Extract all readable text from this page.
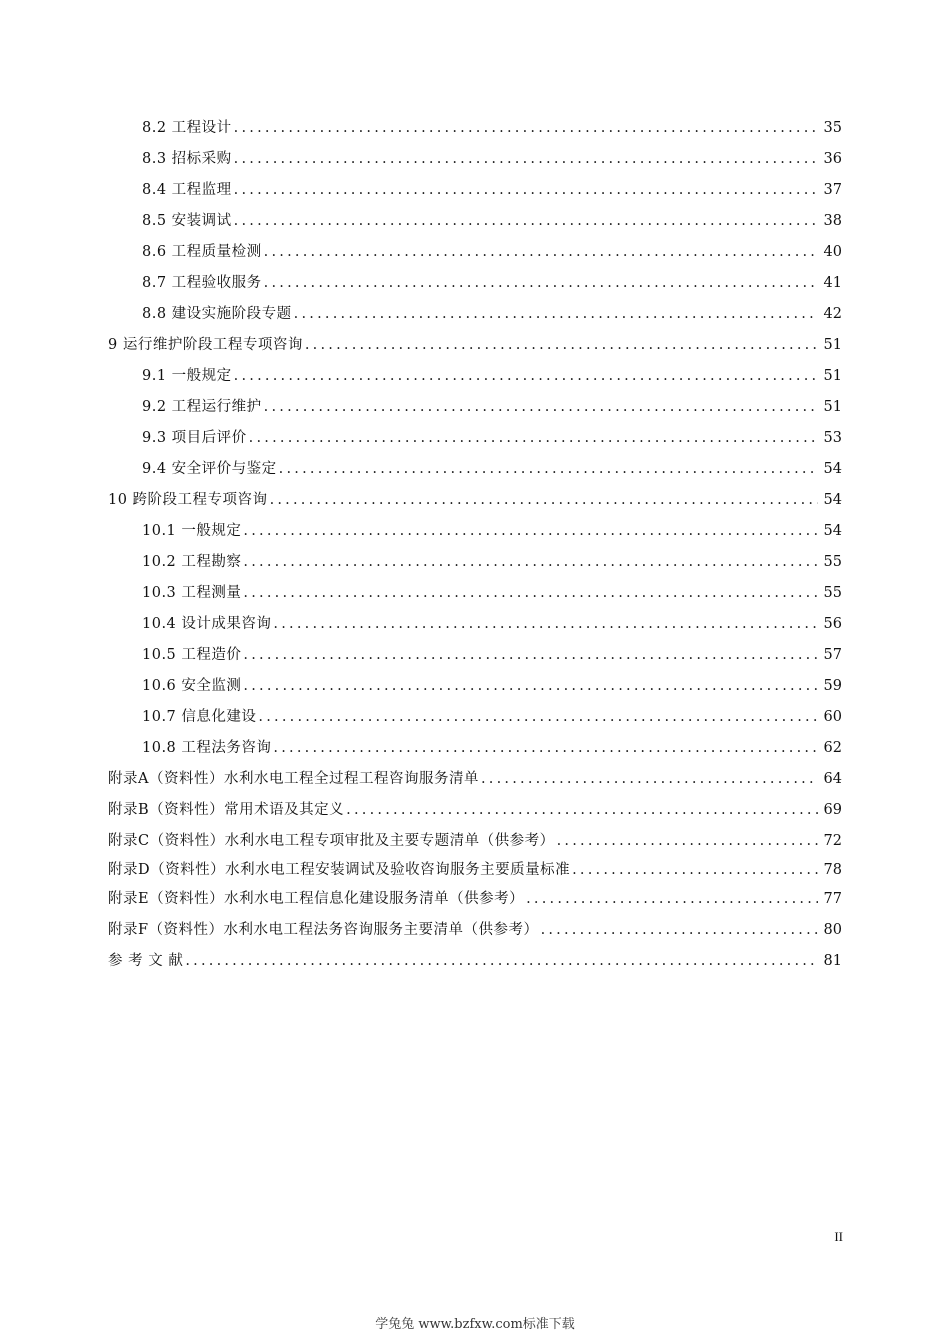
8.2 工程设计 .....	35
8.3 招标采购 .....	36
8.4 工程监理 .....	37
8.5 安装调试 .....	38
8.6 工程质量检测 .....	40
8.7 工程验收服务 .....	41
8.8 建设实施阶段专题 .....	42
9 运行维护阶段工程专项咨询 .....	51
9.1 一般规定 .....	51
9.2 工程运行维护 .....	51
9.3 项目后评价 .....	53
9.4 安全评价与鉴定 .....	54
10 跨阶段工程专项咨询 .....	54
10.1 一般规定 .....	54
10.2 工程勘察 .....	55
10.3 工程测量 .....	55
10.4 设计成果咨询 .....	56
10.5 工程造价 .....	57
10.6 安全监测 .....	59
10.7 信息化建设 .....	60
10.8 工程法务咨询 .....	62
附录A（资料性）水利水电工程全过程工程咨询服务清单 .....	64
附录B（资料性）常用术语及其定义 .....	69
附录C（资料性）水利水电工程专项审批及主要专题清单（供参考） .....	72
附录D（资料性）水利水电工程安装调试及验收咨询服务主要质量标准 .....	78
附录E（资料性）水利水电工程信息化建设服务清单（供参考） .....	77
附录F（资料性）水利水电工程法务咨询服务主要清单（供参考） .....	80
参 考 文 献 .....	81
II
学兔兔 www.bzfxw.com标准下载
